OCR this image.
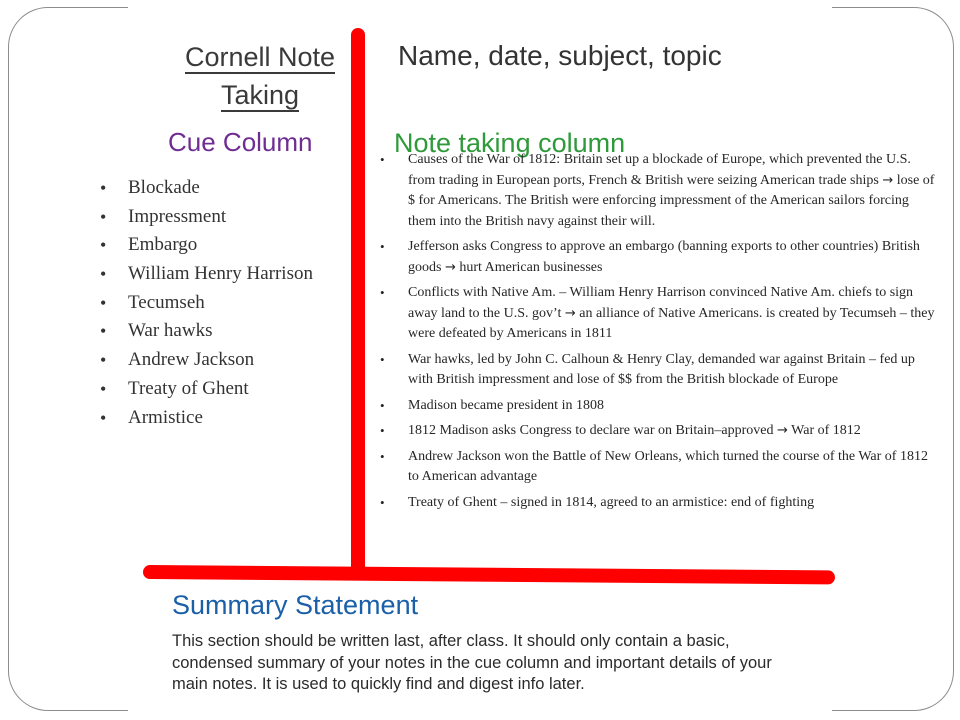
Cornell Note
Taking
Name, date, subject, topic
Cue Column	Note taking column
• Blockade
• Impressment
• Embargo
• William Henry Harrison
• Tecumseh
• War hawks
• Andrew Jackson
• Treaty of Ghent
• Armistice
• Causes of the War of 1812: Britain set up a blockade of Europe, which prevented the U.S. from trading in European ports, French & British were seizing American trade ships → lose of $ for Americans. The British were enforcing impressment of the American sailors forcing them into the British navy against their will.
• Jefferson asks Congress to approve an embargo (banning exports to other countries) British goods → hurt American businesses
• Conflicts with Native Am. – William Henry Harrison convinced Native Am. chiefs to sign away land to the U.S. gov’t → an alliance of Native Americans. is created by Tecumseh – they were defeated by Americans in 1811
• War hawks, led by John C. Calhoun & Henry Clay, demanded war against Britain – fed up with British impressment and lose of $$ from the British blockade of Europe
• Madison became president in 1808
• 1812 Madison asks Congress to declare war on Britain–approved → War of 1812
• Andrew Jackson won the Battle of New Orleans, which turned the course of the War of 1812 to American advantage
• Treaty of Ghent – signed in 1814, agreed to an armistice: end of fighting
Summary Statement
This section should be written last, after class. It should only contain a basic, condensed summary of your notes in the cue column and important details of your main notes. It is used to quickly find and digest info later.
